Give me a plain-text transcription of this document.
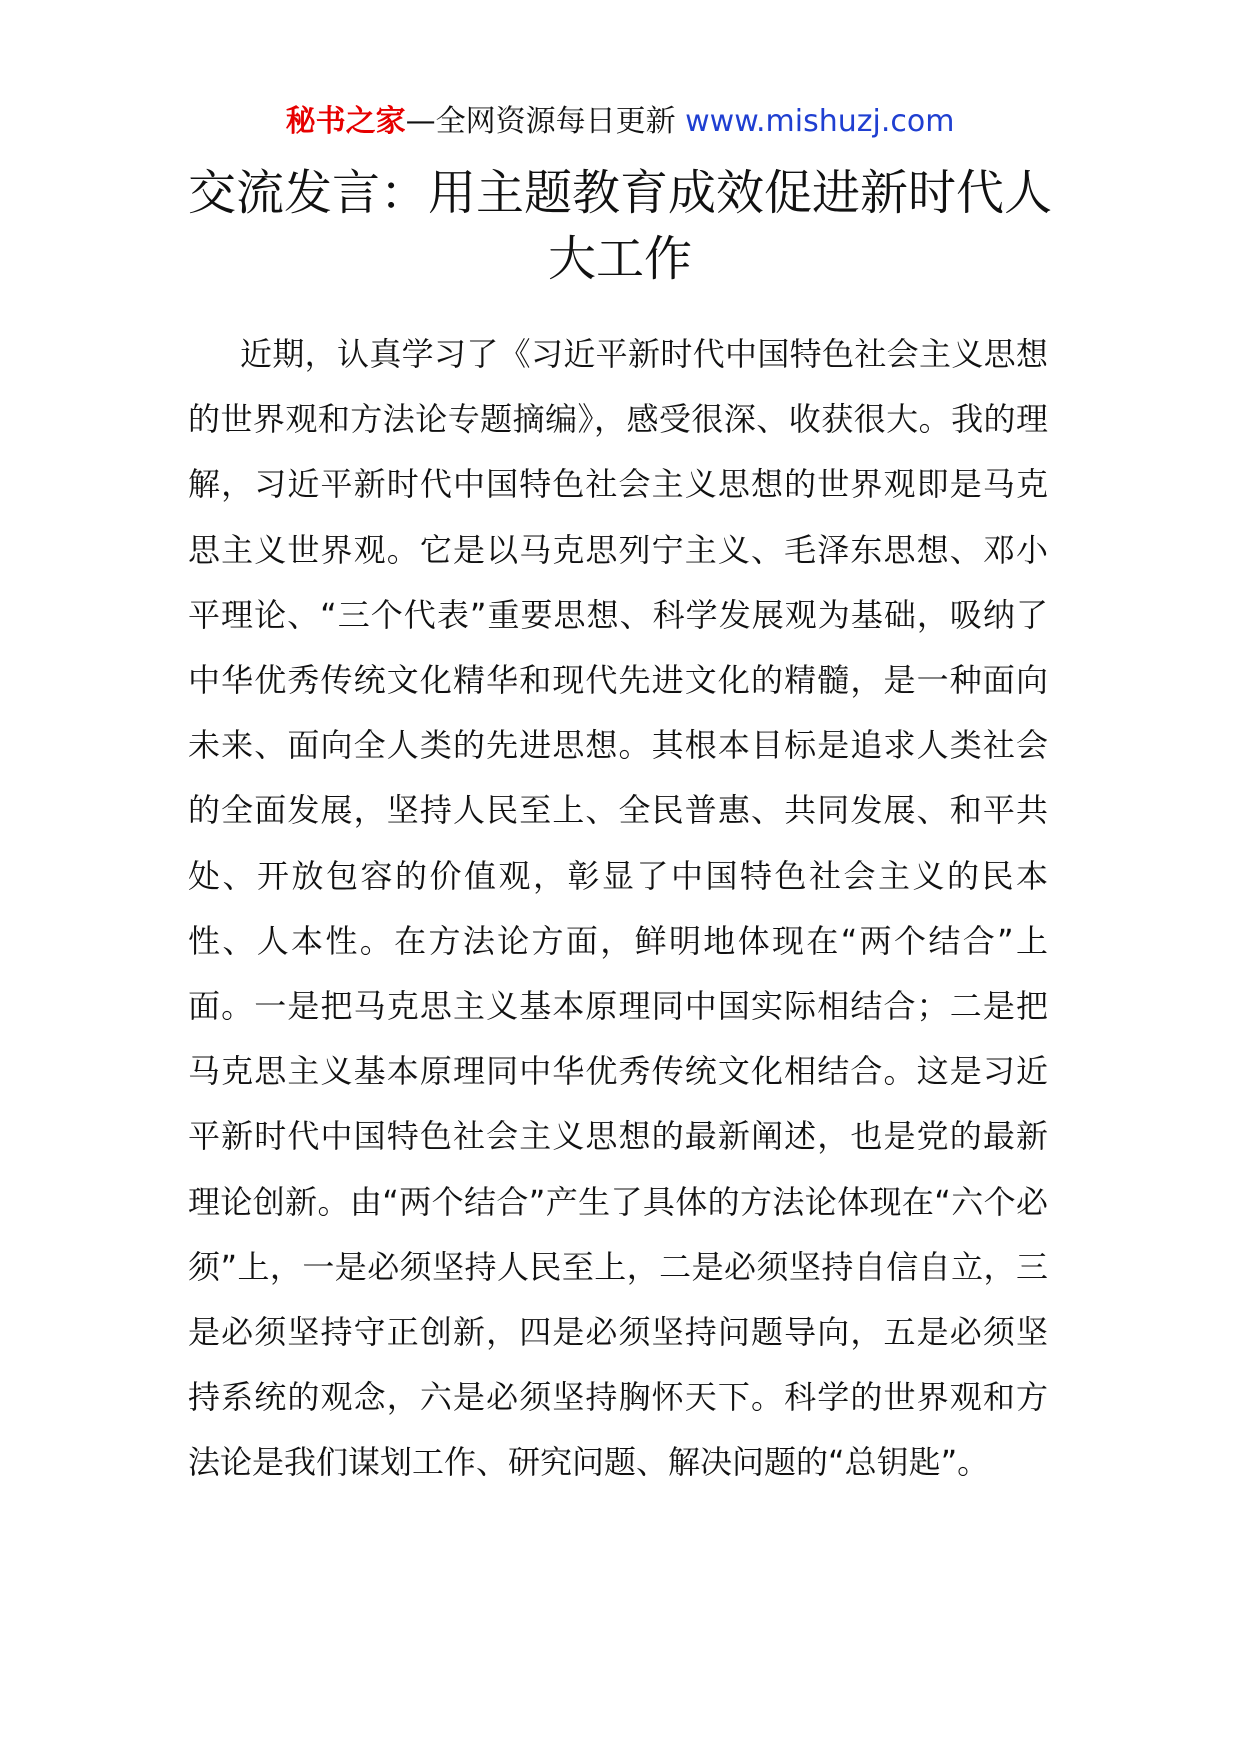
秘书之家—全网资源每日更新 www.mishuzj.com
交流发言：用主题教育成效促进新时代人大工作

近期，认真学习了《习近平新时代中国特色社会主义思想的世界观和方法论专题摘编》，感受很深、收获很大。我的理解，习近平新时代中国特色社会主义思想的世界观即是马克思主义世界观。它是以马克思列宁主义、毛泽东思想、邓小平理论、“三个代表”重要思想、科学发展观为基础，吸纳了中华优秀传统文化精华和现代先进文化的精髓，是一种面向未来、面向全人类的先进思想。其根本目标是追求人类社会的全面发展，坚持人民至上、全民普惠、共同发展、和平共处、开放包容的价值观，彰显了中国特色社会主义的民本性、人本性。在方法论方面，鲜明地体现在“两个结合”上面。一是把马克思主义基本原理同中国实际相结合；二是把马克思主义基本原理同中华优秀传统文化相结合。这是习近平新时代中国特色社会主义思想的最新阐述，也是党的最新理论创新。由“两个结合”产生了具体的方法论体现在“六个必须”上，一是必须坚持人民至上，二是必须坚持自信自立，三是必须坚持守正创新，四是必须坚持问题导向，五是必须坚持系统的观念，六是必须坚持胸怀天下。科学的世界观和方法论是我们谋划工作、研究问题、解决问题的“总钥匙”。
